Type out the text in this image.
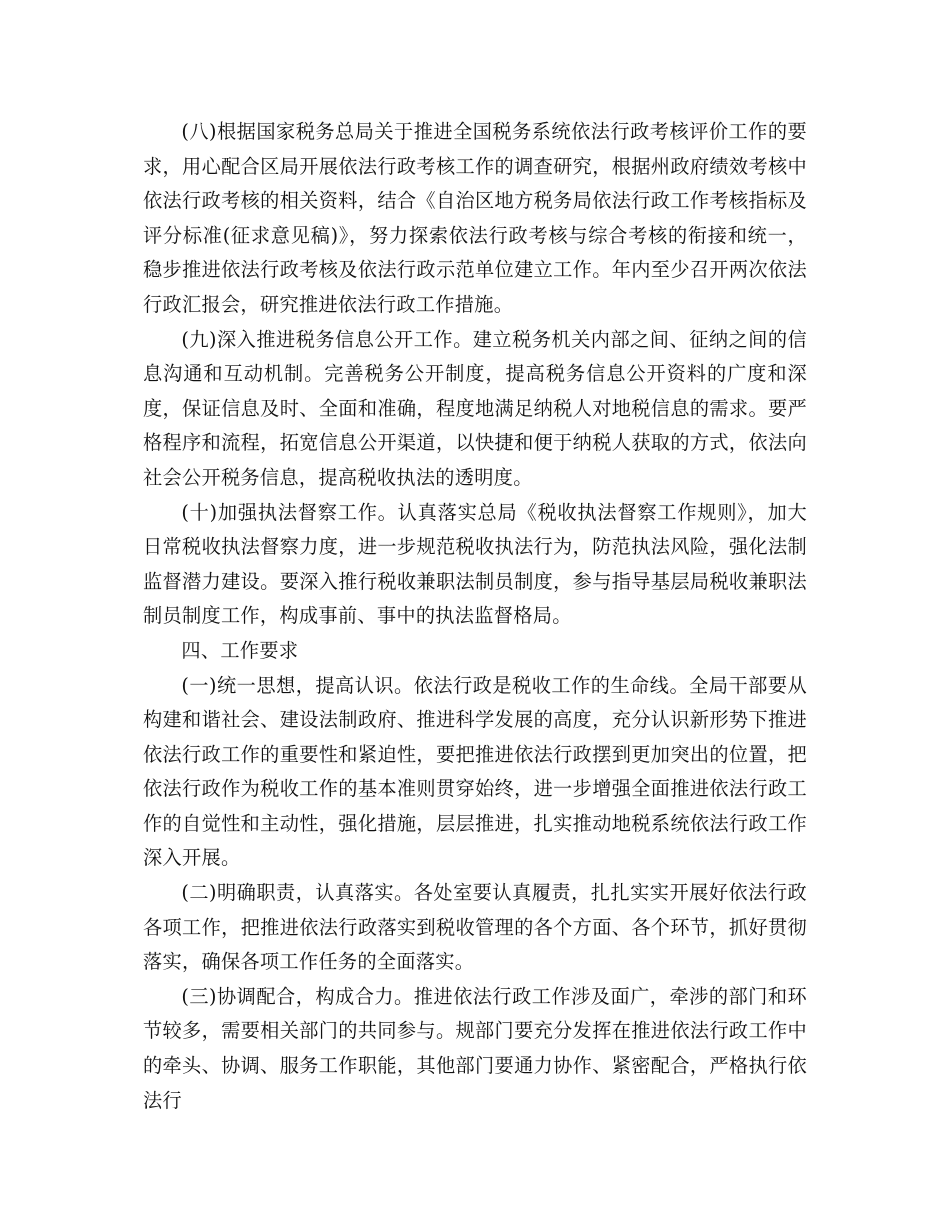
(八)根据国家税务总局关于推进全国税务系统依法行政考核评价工作的要求，用心配合区局开展依法行政考核工作的调查研究，根据州政府绩效考核中依法行政考核的相关资料，结合《自治区地方税务局依法行政工作考核指标及评分标准(征求意见稿)》，努力探索依法行政考核与综合考核的衔接和统一，稳步推进依法行政考核及依法行政示范单位建立工作。年内至少召开两次依法行政汇报会，研究推进依法行政工作措施。

(九)深入推进税务信息公开工作。建立税务机关内部之间、征纳之间的信息沟通和互动机制。完善税务公开制度，提高税务信息公开资料的广度和深度，保证信息及时、全面和准确，程度地满足纳税人对地税信息的需求。要严格程序和流程，拓宽信息公开渠道，以快捷和便于纳税人获取的方式，依法向社会公开税务信息，提高税收执法的透明度。

(十)加强执法督察工作。认真落实总局《税收执法督察工作规则》，加大日常税收执法督察力度，进一步规范税收执法行为，防范执法风险，强化法制监督潜力建设。要深入推行税收兼职法制员制度，参与指导基层局税收兼职法制员制度工作，构成事前、事中的执法监督格局。

四、工作要求

(一)统一思想，提高认识。依法行政是税收工作的生命线。全局干部要从构建和谐社会、建设法制政府、推进科学发展的高度，充分认识新形势下推进依法行政工作的重要性和紧迫性，要把推进依法行政摆到更加突出的位置，把依法行政作为税收工作的基本准则贯穿始终，进一步增强全面推进依法行政工作的自觉性和主动性，强化措施，层层推进，扎实推动地税系统依法行政工作深入开展。

(二)明确职责，认真落实。各处室要认真履责，扎扎实实开展好依法行政各项工作，把推进依法行政落实到税收管理的各个方面、各个环节，抓好贯彻落实，确保各项工作任务的全面落实。

(三)协调配合，构成合力。推进依法行政工作涉及面广，牵涉的部门和环节较多，需要相关部门的共同参与。规部门要充分发挥在推进依法行政工作中的牵头、协调、服务工作职能，其他部门要通力协作、紧密配合，严格执行依法行
